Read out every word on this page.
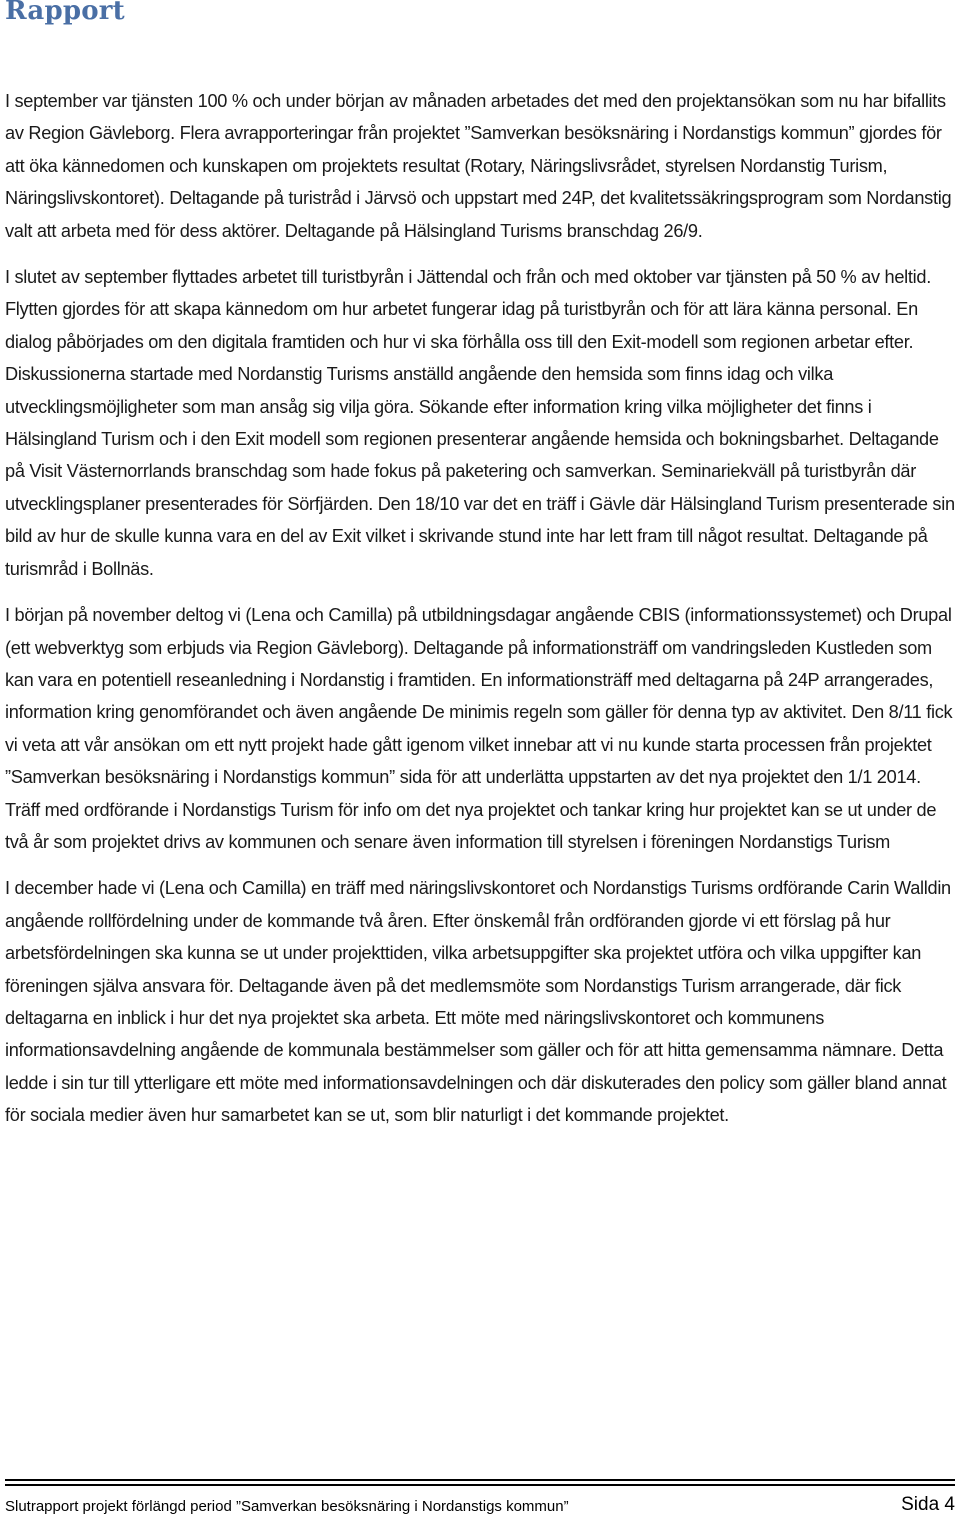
Rapport

I september var tjänsten 100 % och under början av månaden arbetades det med den projektansökan som nu har bifallits av Region Gävleborg. Flera avrapporteringar från projektet ”Samverkan besöksnäring i Nordanstigs kommun” gjordes för att öka kännedomen och kunskapen om projektets resultat (Rotary, Näringslivsrådet, styrelsen Nordanstig Turism, Näringslivskontoret). Deltagande på turistråd i Järvsö och uppstart med 24P, det kvalitetssäkringsprogram som Nordanstig valt att arbeta med för dess aktörer. Deltagande på Hälsingland Turisms branschdag 26/9.

I slutet av september flyttades arbetet till turistbyrån i Jättendal och från och med oktober var tjänsten på 50 % av heltid. Flytten gjordes för att skapa kännedom om hur arbetet fungerar idag på turistbyrån och för att lära känna personal. En dialog påbörjades om den digitala framtiden och hur vi ska förhålla oss till den Exit-modell som regionen arbetar efter. Diskussionerna startade med Nordanstig Turisms anställd angående den hemsida som finns idag och vilka utvecklingsmöjligheter som man ansåg sig vilja göra. Sökande efter information kring vilka möjligheter det finns i Hälsingland Turism och i den Exit modell som regionen presenterar angående hemsida och bokningsbarhet. Deltagande på Visit Västernorrlands branschdag som hade fokus på paketering och samverkan. Seminariekväll på turistbyrån där utvecklingsplaner presenterades för Sörfjärden. Den 18/10 var det en träff i Gävle där Hälsingland Turism presenterade sin bild av hur de skulle kunna vara en del av Exit vilket i skrivande stund inte har lett fram till något resultat. Deltagande på turismråd i Bollnäs.

I början på november deltog vi (Lena och Camilla) på utbildningsdagar angående CBIS (informationssystemet) och Drupal (ett webverktyg som erbjuds via Region Gävleborg). Deltagande på informationsträff om vandringsleden Kustleden som kan vara en potentiell reseanledning i Nordanstig i framtiden. En informationsträff med deltagarna på 24P arrangerades, information kring genomförandet och även angående De minimis regeln som gäller för denna typ av aktivitet. Den 8/11 fick vi veta att vår ansökan om ett nytt projekt hade gått igenom vilket innebar att vi nu kunde starta processen från projektet ”Samverkan besöksnäring i Nordanstigs kommun” sida för att underlätta uppstarten av det nya projektet den 1/1 2014. Träff med ordförande i Nordanstigs Turism för info om det nya projektet och tankar kring hur projektet kan se ut under de två år som projektet drivs av kommunen och senare även information till styrelsen i föreningen Nordanstigs Turism

I december hade vi (Lena och Camilla) en träff med näringslivskontoret och Nordanstigs Turisms ordförande Carin Walldin angående rollfördelning under de kommande två åren. Efter önskemål från ordföranden gjorde vi ett förslag på hur arbetsfördelningen ska kunna se ut under projekttiden, vilka arbetsuppgifter ska projektet utföra och vilka uppgifter kan föreningen själva ansvara för. Deltagande även på det medlemsmöte som Nordanstigs Turism arrangerade, där fick deltagarna en inblick i hur det nya projektet ska arbeta. Ett möte med näringslivskontoret och kommunens informationsavdelning angående de kommunala bestämmelser som gäller och för att hitta gemensamma nämnare. Detta ledde i sin tur till ytterligare ett möte med informationsavdelningen och där diskuterades den policy som gäller bland annat för sociala medier även hur samarbetet kan se ut, som blir naturligt i det kommande projektet.

Slutrapport projekt förlängd period ”Samverkan besöksnäring i Nordanstigs kommun”	Sida 4
